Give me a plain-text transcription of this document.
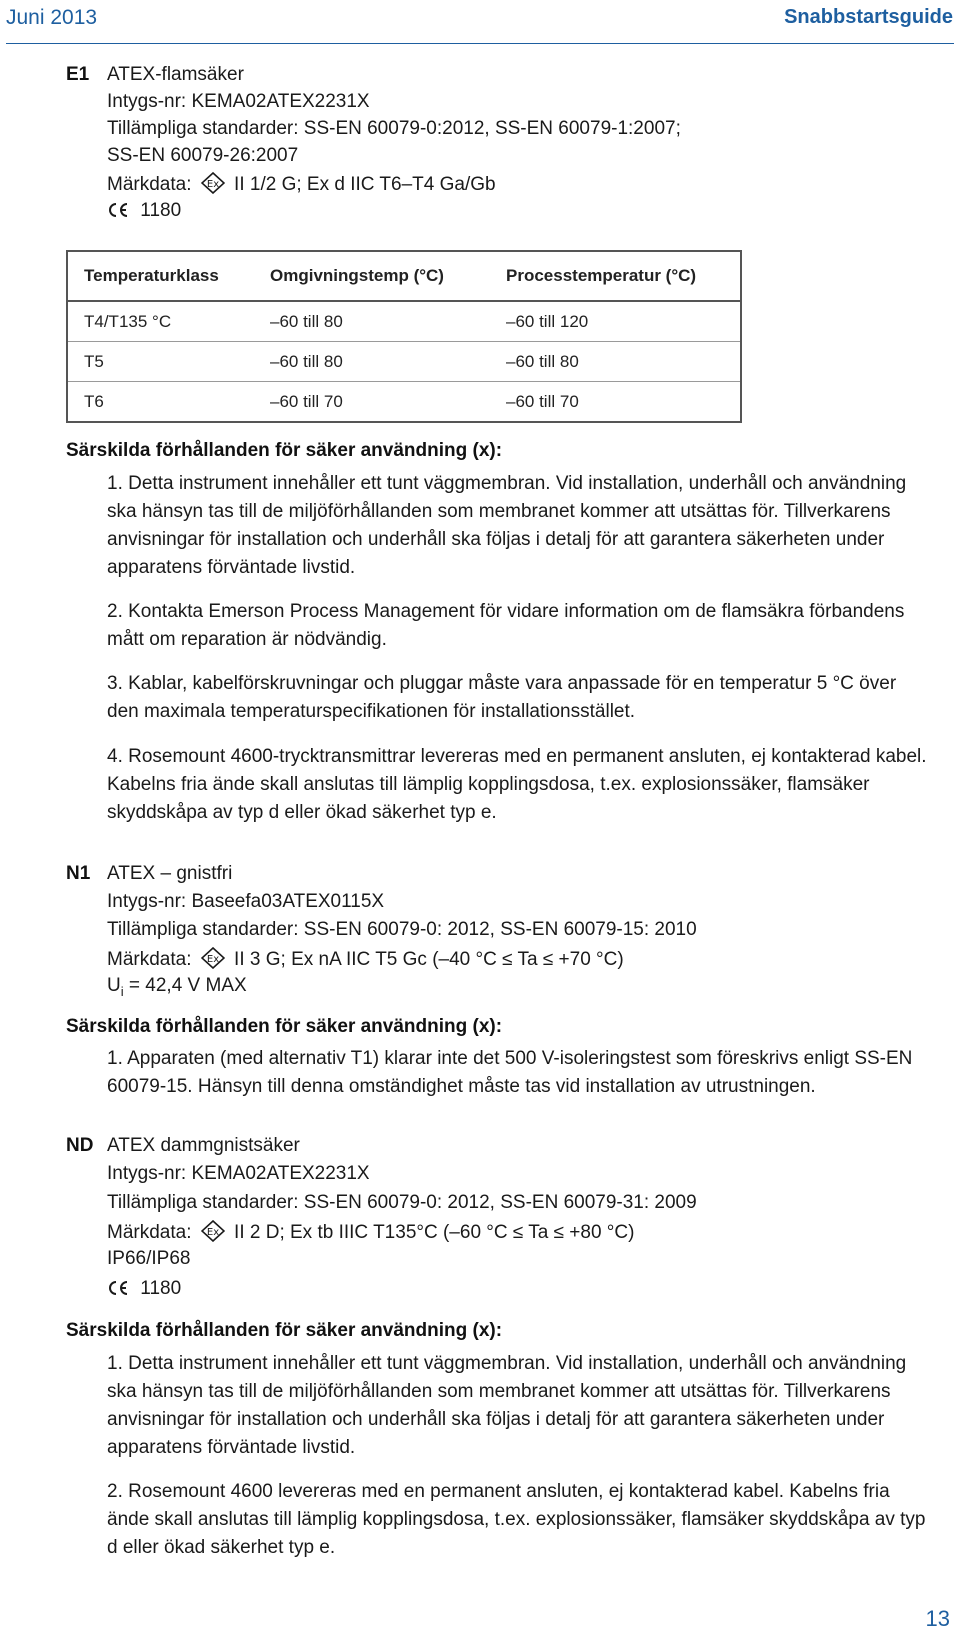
Juni 2013	Snabbstartsguide
E1 ATEX-flamsäker
Intygs-nr: KEMA02ATEX2231X
Tillämpliga standarder: SS-EN 60079-0:2012, SS-EN 60079-1:2007;
SS-EN 60079-26:2007
Märkdata: Ex II 1/2 G; Ex d IIC T6–T4 Ga/Gb
1180
Temperaturklass	Omgivningstemp (°C)	Processtemperatur (°C)
T4/T135 °C	–60 till 80	–60 till 120
T5	–60 till 80	–60 till 80
T6	–60 till 70	–60 till 70
Särskilda förhållanden för säker användning (x):
1. Detta instrument innehåller ett tunt väggmembran. Vid installation, underhåll och användning ska hänsyn tas till de miljöförhållanden som membranet kommer att utsättas för. Tillverkarens anvisningar för installation och underhåll ska följas i detalj för att garantera säkerheten under apparatens förväntade livstid.
2. Kontakta Emerson Process Management för vidare information om de flamsäkra förbandens mått om reparation är nödvändig.
3. Kablar, kabelförskruvningar och pluggar måste vara anpassade för en temperatur 5 °C över den maximala temperaturspecifikationen för installationsstället.
4. Rosemount 4600-trycktransmittrar levereras med en permanent ansluten, ej kontakterad kabel. Kabelns fria ände skall anslutas till lämplig kopplingsdosa, t.ex. explosionssäker, flamsäker skyddskåpa av typ d eller ökad säkerhet typ e.
N1 ATEX – gnistfri
Intygs-nr: Baseefa03ATEX0115X
Tillämpliga standarder: SS-EN 60079-0: 2012, SS-EN 60079-15: 2010
Märkdata: Ex II 3 G; Ex nA IIC T5 Gc (–40 °C ≤ Ta ≤ +70 °C)
$U_i = 42,4$ V MAX
Särskilda förhållanden för säker användning (x):
1. Apparaten (med alternativ T1) klarar inte det 500 V-isoleringstest som föreskrivs enligt SS-EN 60079-15. Hänsyn till denna omständighet måste tas vid installation av utrustningen.
ND ATEX dammgnistsäker
Intygs-nr: KEMA02ATEX2231X
Tillämpliga standarder: SS-EN 60079-0: 2012, SS-EN 60079-31: 2009
Märkdata: Ex II 2 D; Ex tb IIIC T135°C (–60 °C ≤ Ta ≤ +80 °C)
IP66/IP68
1180
Särskilda förhållanden för säker användning (x):
1. Detta instrument innehåller ett tunt väggmembran. Vid installation, underhåll och användning ska hänsyn tas till de miljöförhållanden som membranet kommer att utsättas för. Tillverkarens anvisningar för installation och underhåll ska följas i detalj för att garantera säkerheten under apparatens förväntade livstid.
2. Rosemount 4600 levereras med en permanent ansluten, ej kontakterad kabel. Kabelns fria ände skall anslutas till lämplig kopplingsdosa, t.ex. explosionssäker, flamsäker skyddskåpa av typ d eller ökad säkerhet typ e.
13
